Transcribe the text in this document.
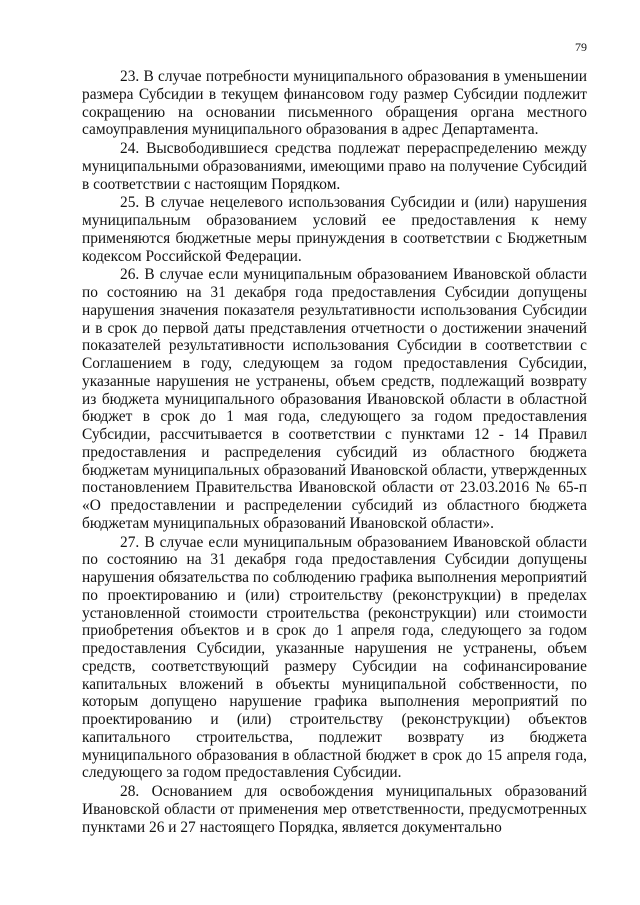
79

23. В случае потребности муниципального образования в уменьшении размера Субсидии в текущем финансовом году размер Субсидии подлежит сокращению на основании письменного обращения органа местного самоуправления муниципального образования в адрес Департамента.

24. Высвободившиеся средства подлежат перераспределению между муниципальными образованиями, имеющими право на получение Субсидий в соответствии с настоящим Порядком.

25. В случае нецелевого использования Субсидии и (или) нарушения муниципальным образованием условий ее предоставления к нему применяются бюджетные меры принуждения в соответствии с Бюджетным кодексом Российской Федерации.

26. В случае если муниципальным образованием Ивановской области по состоянию на 31 декабря года предоставления Субсидии допущены нарушения значения показателя результативности использования Субсидии и в срок до первой даты представления отчетности о достижении значений показателей результативности использования Субсидии в соответствии с Соглашением в году, следующем за годом предоставления Субсидии, указанные нарушения не устранены, объем средств, подлежащий возврату из бюджета муниципального образования Ивановской области в областной бюджет в срок до 1 мая года, следующего за годом предоставления Субсидии, рассчитывается в соответствии с пунктами 12 - 14 Правил предоставления и распределения субсидий из областного бюджета бюджетам муниципальных образований Ивановской области, утвержденных постановлением Правительства Ивановской области от 23.03.2016 № 65-п «О предоставлении и распределении субсидий из областного бюджета бюджетам муниципальных образований Ивановской области».

27. В случае если муниципальным образованием Ивановской области по состоянию на 31 декабря года предоставления Субсидии допущены нарушения обязательства по соблюдению графика выполнения мероприятий по проектированию и (или) строительству (реконструкции) в пределах установленной стоимости строительства (реконструкции) или стоимости приобретения объектов и в срок до 1 апреля года, следующего за годом предоставления Субсидии, указанные нарушения не устранены, объем средств, соответствующий размеру Субсидии на софинансирование капитальных вложений в объекты муниципальной собственности, по которым допущено нарушение графика выполнения мероприятий по проектированию и (или) строительству (реконструкции) объектов капитального строительства, подлежит возврату из бюджета муниципального образования в областной бюджет в срок до 15 апреля года, следующего за годом предоставления Субсидии.

28. Основанием для освобождения муниципальных образований Ивановской области от применения мер ответственности, предусмотренных пунктами 26 и 27 настоящего Порядка, является документально
